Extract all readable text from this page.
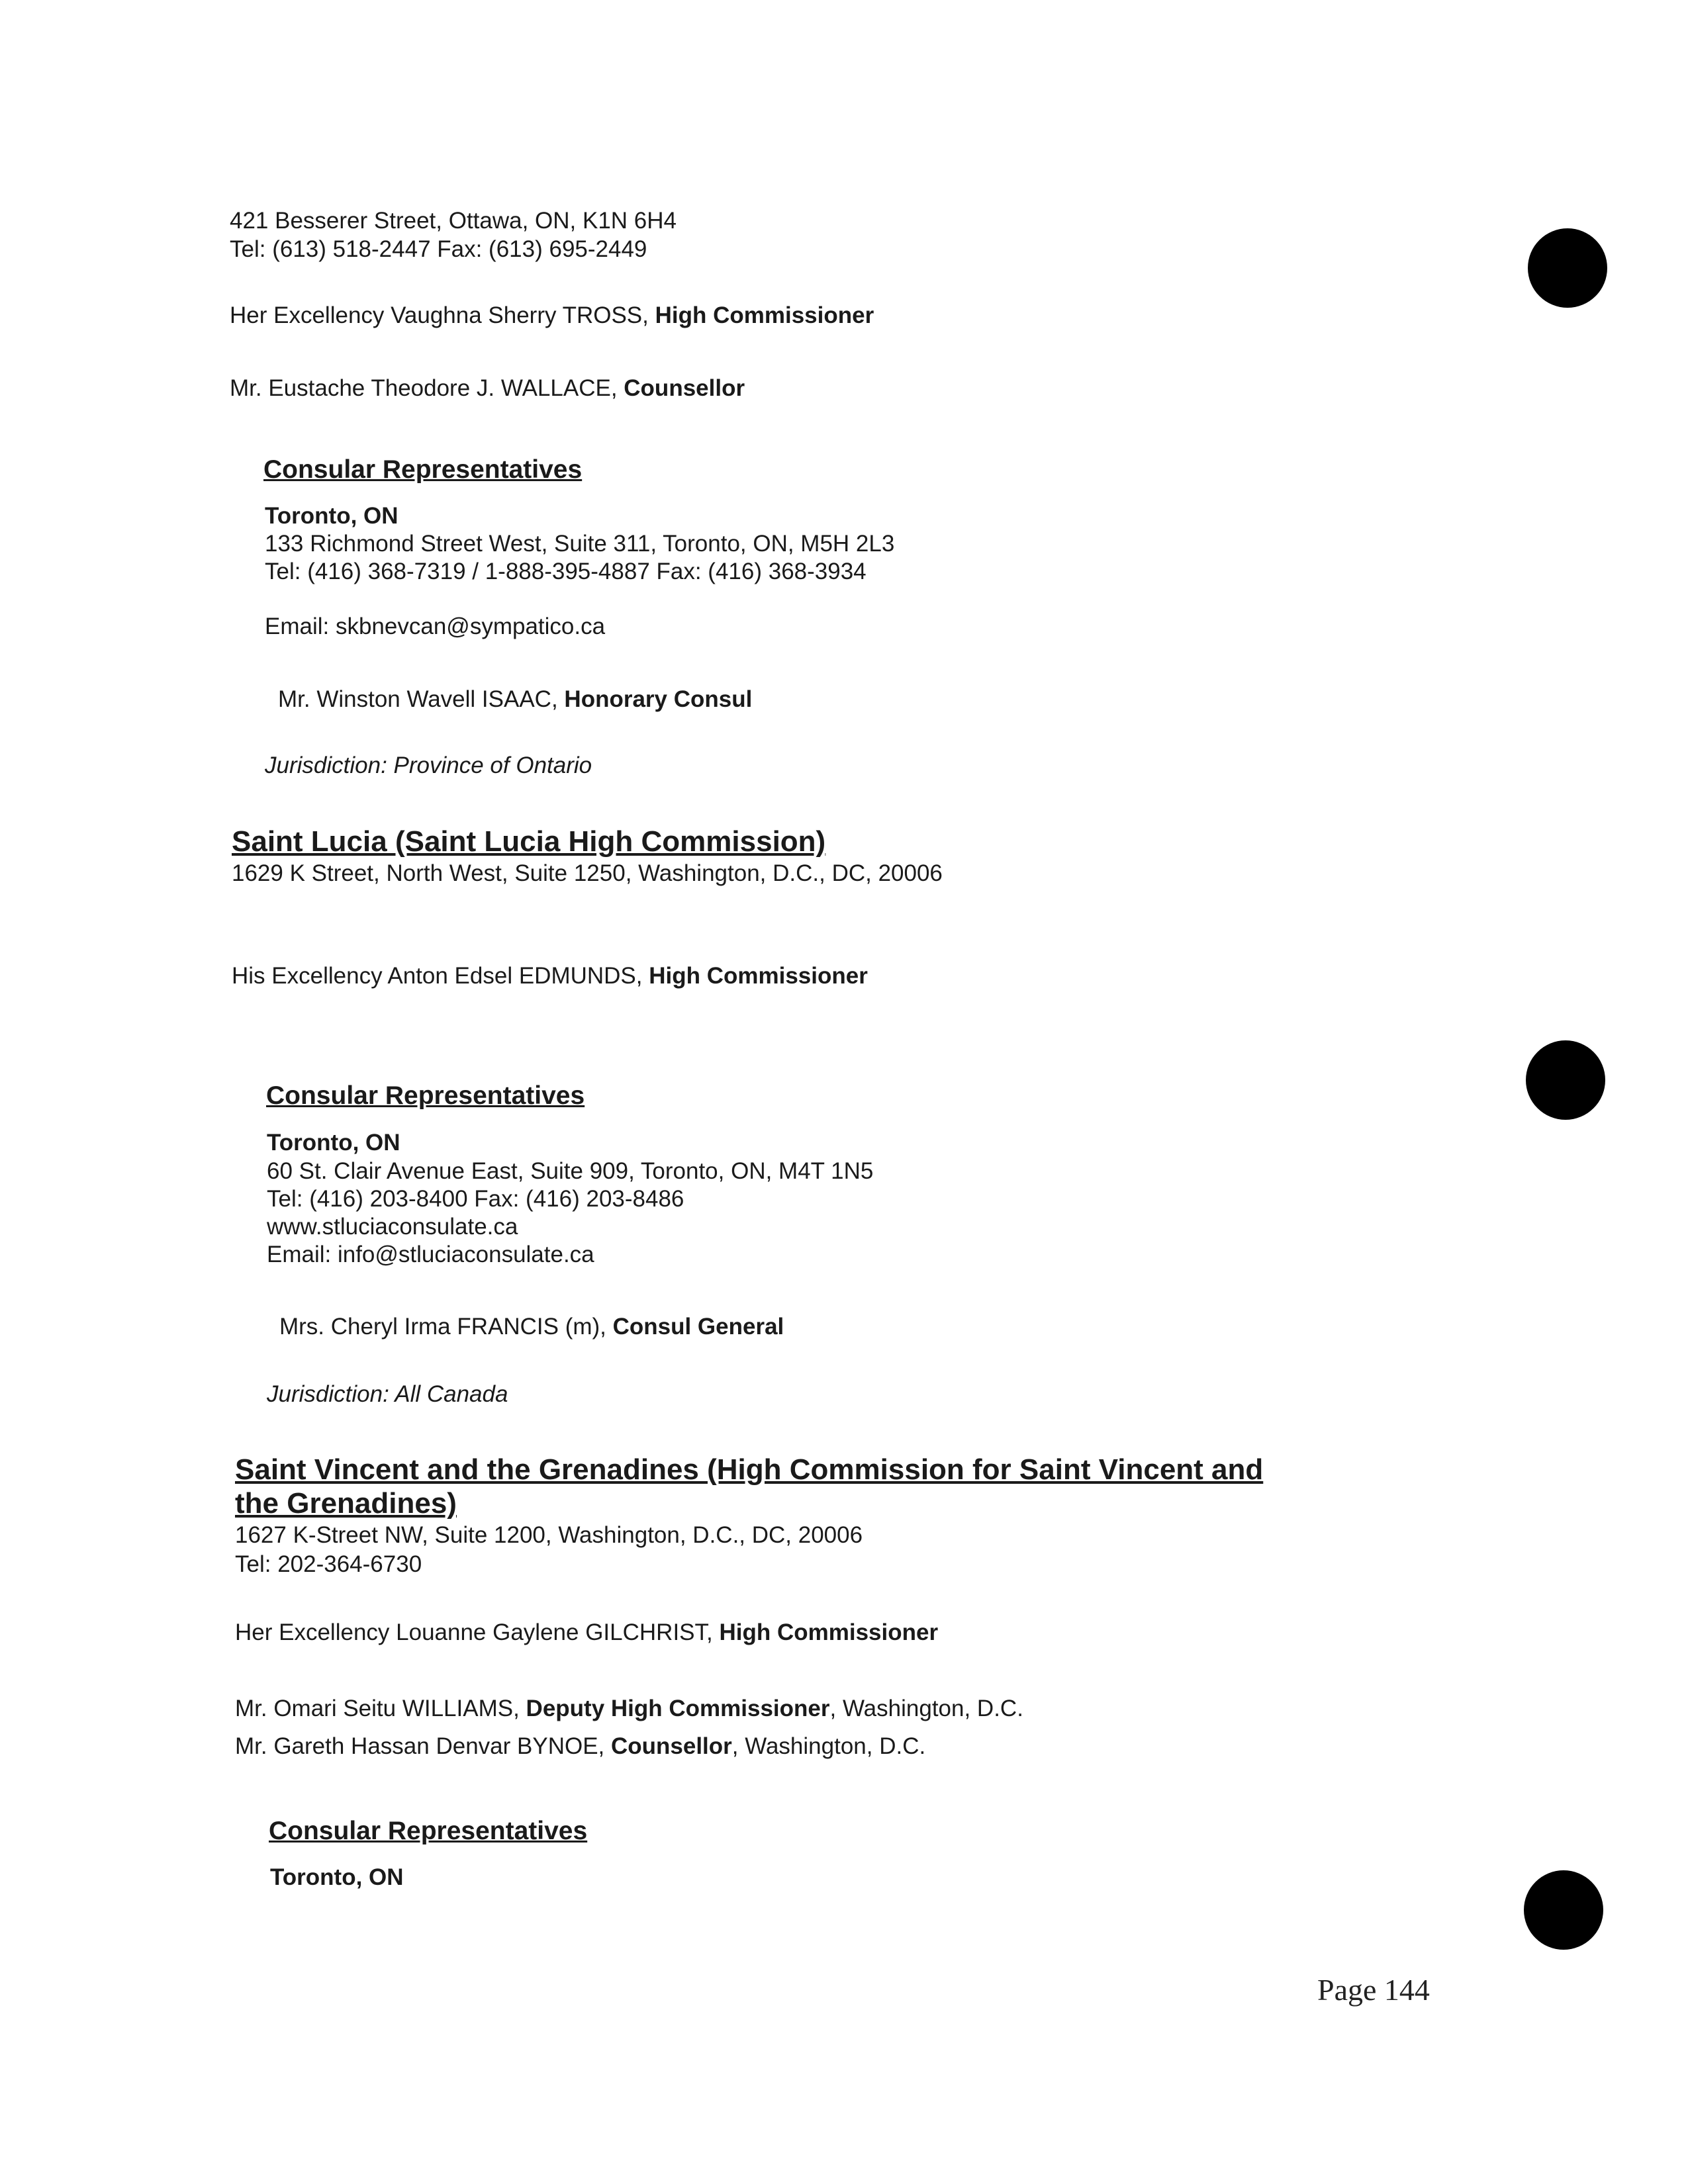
421 Besserer Street, Ottawa, ON, K1N 6H4
Tel: (613) 518-2447 Fax: (613) 695-2449
Her Excellency Vaughna Sherry TROSS, High Commissioner
Mr. Eustache Theodore J. WALLACE, Counsellor
Consular Representatives
Toronto, ON
133 Richmond Street West, Suite 311, Toronto, ON, M5H 2L3
Tel: (416) 368-7319 / 1-888-395-4887 Fax: (416) 368-3934
Email: skbnevcan@sympatico.ca
Mr. Winston Wavell ISAAC, Honorary Consul
Jurisdiction: Province of Ontario
Saint Lucia (Saint Lucia High Commission)
1629 K Street, North West, Suite 1250, Washington, D.C., DC, 20006
His Excellency Anton Edsel EDMUNDS, High Commissioner
Consular Representatives
Toronto, ON
60 St. Clair Avenue East, Suite 909, Toronto, ON, M4T 1N5
Tel: (416) 203-8400 Fax: (416) 203-8486
www.stluciaconsulate.ca
Email: info@stluciaconsulate.ca
Mrs. Cheryl Irma FRANCIS (m), Consul General
Jurisdiction: All Canada
Saint Vincent and the Grenadines (High Commission for Saint Vincent and
the Grenadines)
1627 K-Street NW, Suite 1200, Washington, D.C., DC, 20006
Tel: 202-364-6730
Her Excellency Louanne Gaylene GILCHRIST, High Commissioner
Mr. Omari Seitu WILLIAMS, Deputy High Commissioner, Washington, D.C.
Mr. Gareth Hassan Denvar BYNOE, Counsellor, Washington, D.C.
Consular Representatives
Toronto, ON
Page 144
